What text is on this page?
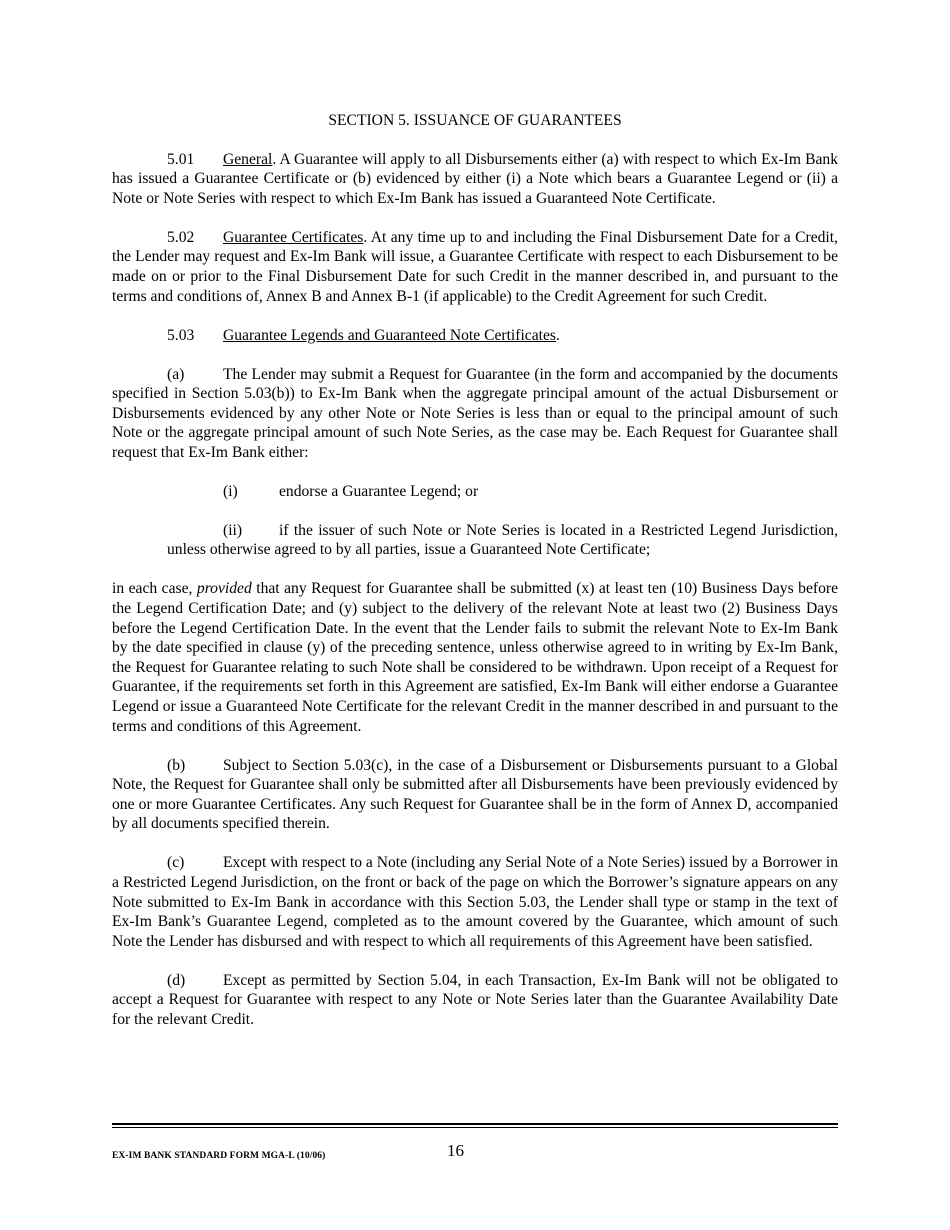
SECTION 5. ISSUANCE OF GUARANTEES

5.01 General. A Guarantee will apply to all Disbursements either (a) with respect to which Ex-Im Bank has issued a Guarantee Certificate or (b) evidenced by either (i) a Note which bears a Guarantee Legend or (ii) a Note or Note Series with respect to which Ex-Im Bank has issued a Guaranteed Note Certificate.

5.02 Guarantee Certificates. At any time up to and including the Final Disbursement Date for a Credit, the Lender may request and Ex-Im Bank will issue, a Guarantee Certificate with respect to each Disbursement to be made on or prior to the Final Disbursement Date for such Credit in the manner described in, and pursuant to the terms and conditions of, Annex B and Annex B-1 (if applicable) to the Credit Agreement for such Credit.

5.03 Guarantee Legends and Guaranteed Note Certificates.

(a) The Lender may submit a Request for Guarantee (in the form and accompanied by the documents specified in Section 5.03(b)) to Ex-Im Bank when the aggregate principal amount of the actual Disbursement or Disbursements evidenced by any other Note or Note Series is less than or equal to the principal amount of such Note or the aggregate principal amount of such Note Series, as the case may be. Each Request for Guarantee shall request that Ex-Im Bank either:

(i)	endorse a Guarantee Legend; or

(ii) if the issuer of such Note or Note Series is located in a Restricted Legend Jurisdiction, unless otherwise agreed to by all parties, issue a Guaranteed Note Certificate;

in each case, provided that any Request for Guarantee shall be submitted (x) at least ten (10) Business Days before the Legend Certification Date; and (y) subject to the delivery of the relevant Note at least two (2) Business Days before the Legend Certification Date. In the event that the Lender fails to submit the relevant Note to Ex-Im Bank by the date specified in clause (y) of the preceding sentence, unless otherwise agreed to in writing by Ex-Im Bank, the Request for Guarantee relating to such Note shall be considered to be withdrawn. Upon receipt of a Request for Guarantee, if the requirements set forth in this Agreement are satisfied, Ex-Im Bank will either endorse a Guarantee Legend or issue a Guaranteed Note Certificate for the relevant Credit in the manner described in and pursuant to the terms and conditions of this Agreement.

(b) Subject to Section 5.03(c), in the case of a Disbursement or Disbursements pursuant to a Global Note, the Request for Guarantee shall only be submitted after all Disbursements have been previously evidenced by one or more Guarantee Certificates. Any such Request for Guarantee shall be in the form of Annex D, accompanied by all documents specified therein.

(c) Except with respect to a Note (including any Serial Note of a Note Series) issued by a Borrower in a Restricted Legend Jurisdiction, on the front or back of the page on which the Borrower’s signature appears on any Note submitted to Ex-Im Bank in accordance with this Section 5.03, the Lender shall type or stamp in the text of Ex-Im Bank’s Guarantee Legend, completed as to the amount covered by the Guarantee, which amount of such Note the Lender has disbursed and with respect to which all requirements of this Agreement have been satisfied.

(d) Except as permitted by Section 5.04, in each Transaction, Ex-Im Bank will not be obligated to accept a Request for Guarantee with respect to any Note or Note Series later than the Guarantee Availability Date for the relevant Credit.

EX-IM BANK STANDARD FORM MGA-L (10/06)	16
